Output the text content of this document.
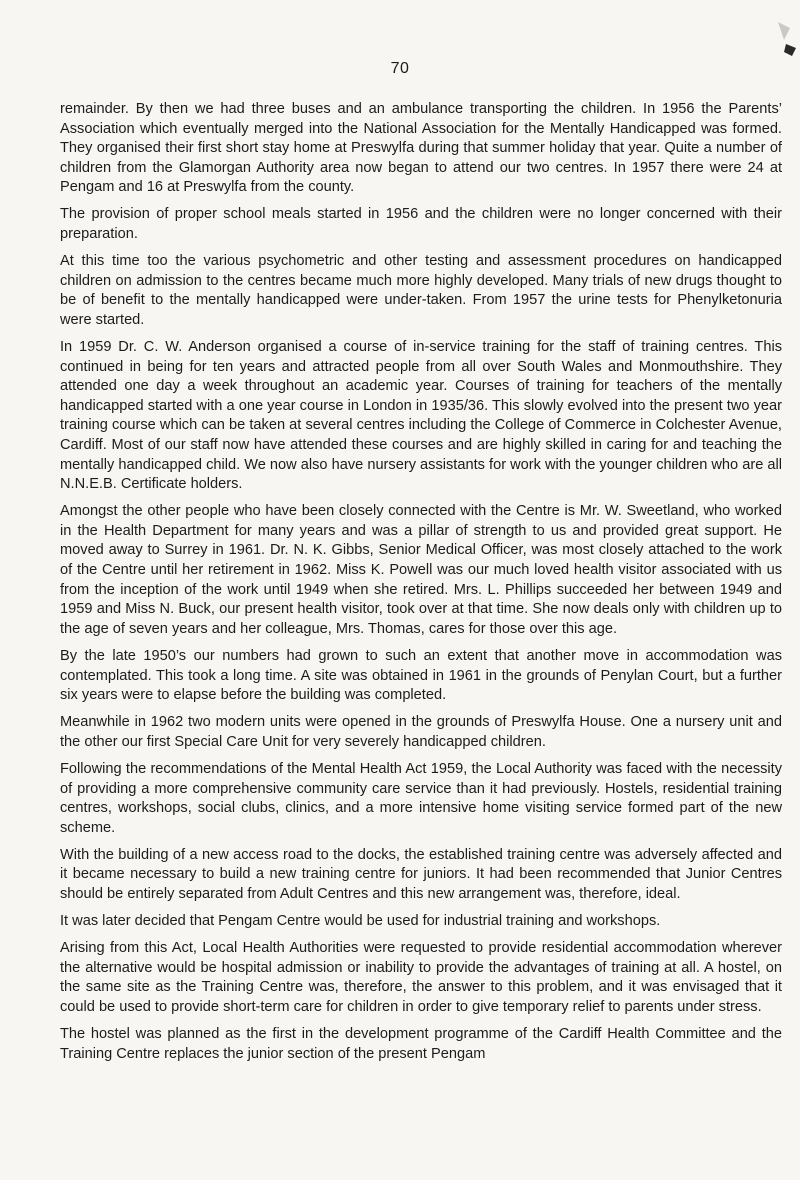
70

remainder. By then we had three buses and an ambulance transporting the children. In 1956 the Parents’ Association which eventually merged into the National Association for the Mentally Handicapped was formed. They organised their first short stay home at Preswylfa during that summer holiday that year. Quite a number of children from the Glamorgan Authority area now began to attend our two centres. In 1957 there were 24 at Pengam and 16 at Preswylfa from the county.

The provision of proper school meals started in 1956 and the children were no longer concerned with their preparation.

At this time too the various psychometric and other testing and assessment procedures on handicapped children on admission to the centres became much more highly developed. Many trials of new drugs thought to be of benefit to the mentally handicapped were under-taken. From 1957 the urine tests for Phenylketonuria were started.

In 1959 Dr. C. W. Anderson organised a course of in-service training for the staff of training centres. This continued in being for ten years and attracted people from all over South Wales and Monmouthshire. They attended one day a week throughout an academic year. Courses of training for teachers of the mentally handicapped started with a one year course in London in 1935/36. This slowly evolved into the present two year training course which can be taken at several centres including the College of Commerce in Colchester Avenue, Cardiff. Most of our staff now have attended these courses and are highly skilled in caring for and teaching the mentally handicapped child. We now also have nursery assistants for work with the younger children who are all N.N.E.B. Certificate holders.

Amongst the other people who have been closely connected with the Centre is Mr. W. Sweetland, who worked in the Health Department for many years and was a pillar of strength to us and provided great support. He moved away to Surrey in 1961. Dr. N. K. Gibbs, Senior Medical Officer, was most closely attached to the work of the Centre until her retirement in 1962. Miss K. Powell was our much loved health visitor associated with us from the inception of the work until 1949 when she retired. Mrs. L. Phillips succeeded her between 1949 and 1959 and Miss N. Buck, our present health visitor, took over at that time. She now deals only with children up to the age of seven years and her colleague, Mrs. Thomas, cares for those over this age.

By the late 1950’s our numbers had grown to such an extent that another move in accommodation was contemplated. This took a long time. A site was obtained in 1961 in the grounds of Penylan Court, but a further six years were to elapse before the building was completed.

Meanwhile in 1962 two modern units were opened in the grounds of Preswylfa House. One a nursery unit and the other our first Special Care Unit for very severely handicapped children.

Following the recommendations of the Mental Health Act 1959, the Local Authority was faced with the necessity of providing a more comprehensive community care service than it had previously. Hostels, residential training centres, workshops, social clubs, clinics, and a more intensive home visiting service formed part of the new scheme.

With the building of a new access road to the docks, the established training centre was adversely affected and it became necessary to build a new training centre for juniors. It had been recommended that Junior Centres should be entirely separated from Adult Centres and this new arrangement was, therefore, ideal.

It was later decided that Pengam Centre would be used for industrial training and workshops.

Arising from this Act, Local Health Authorities were requested to provide residential accommodation wherever the alternative would be hospital admission or inability to provide the advantages of training at all. A hostel, on the same site as the Training Centre was, therefore, the answer to this problem, and it was envisaged that it could be used to provide short-term care for children in order to give temporary relief to parents under stress.

The hostel was planned as the first in the development programme of the Cardiff Health Committee and the Training Centre replaces the junior section of the present Pengam
